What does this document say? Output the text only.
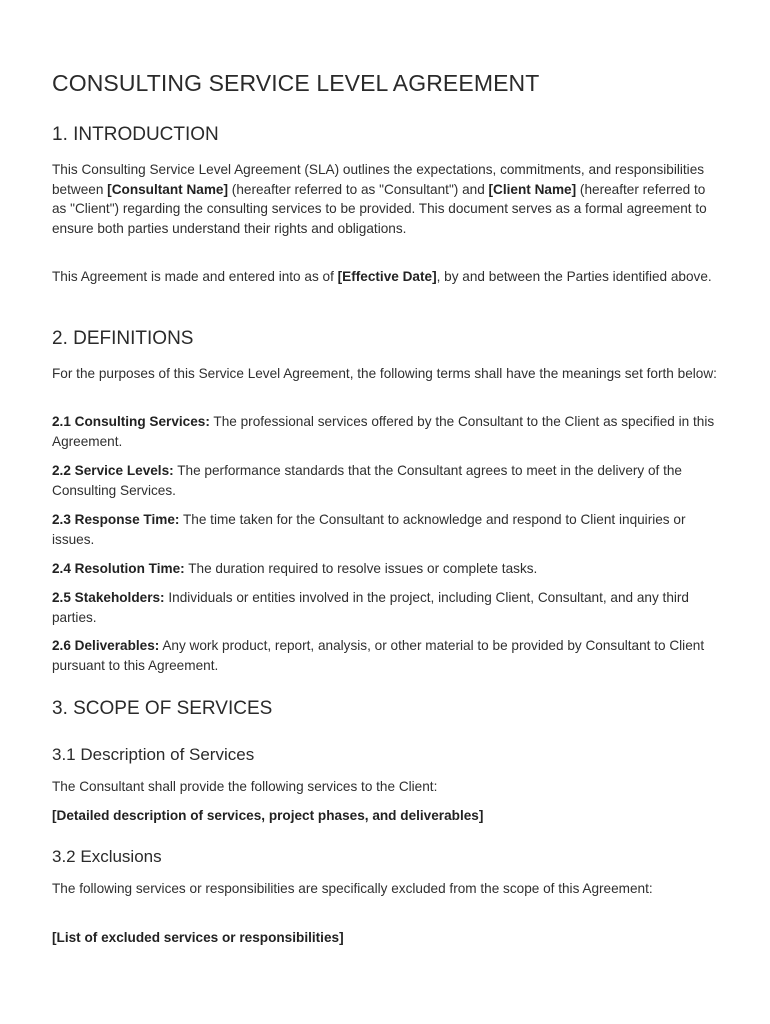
CONSULTING SERVICE LEVEL AGREEMENT
1. INTRODUCTION

This Consulting Service Level Agreement (SLA) outlines the expectations, commitments, and responsibilities between [Consultant Name] (hereafter referred to as "Consultant") and [Client Name] (hereafter referred to as "Client") regarding the consulting services to be provided. This document serves as a formal agreement to ensure both parties understand their rights and obligations.

This Agreement is made and entered into as of [Effective Date], by and between the Parties identified above.

2. DEFINITIONS

For the purposes of this Service Level Agreement, the following terms shall have the meanings set forth below:

2.1 Consulting Services: The professional services offered by the Consultant to the Client as specified in this Agreement.

2.2 Service Levels: The performance standards that the Consultant agrees to meet in the delivery of the Consulting Services.

2.3 Response Time: The time taken for the Consultant to acknowledge and respond to Client inquiries or issues.

2.4 Resolution Time: The duration required to resolve issues or complete tasks.

2.5 Stakeholders: Individuals or entities involved in the project, including Client, Consultant, and any third parties.

2.6 Deliverables: Any work product, report, analysis, or other material to be provided by Consultant to Client pursuant to this Agreement.

3. SCOPE OF SERVICES
3.1 Description of Services

The Consultant shall provide the following services to the Client:

[Detailed description of services, project phases, and deliverables]

3.2 Exclusions

The following services or responsibilities are specifically excluded from the scope of this Agreement:

[List of excluded services or responsibilities]
